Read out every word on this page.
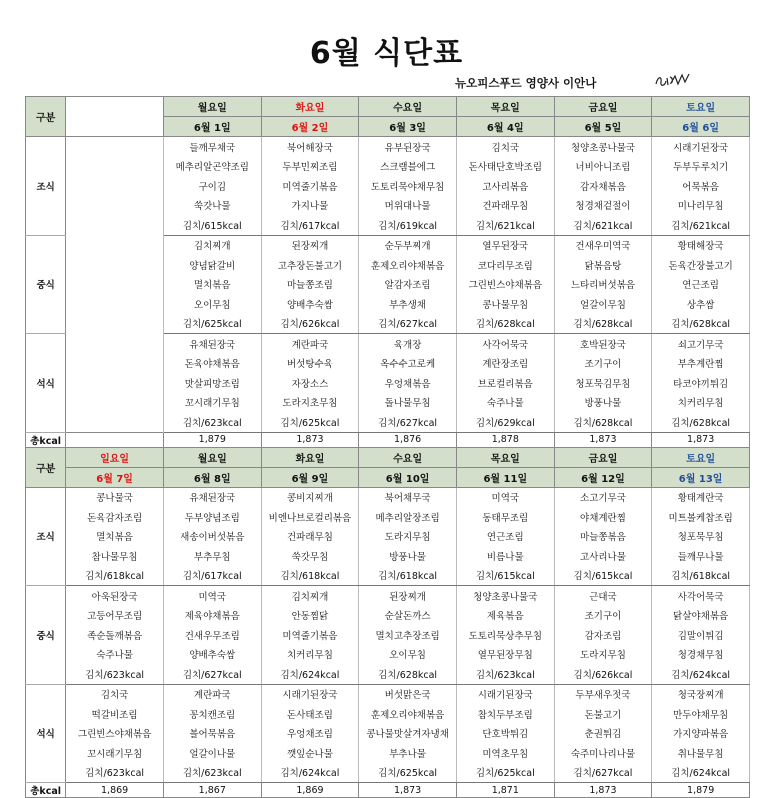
6월 식단표
뉴오피스푸드 영양사 이안나
구분		월요일	화요일	수요일	목요일	금요일	토요일
		6월 1일	6월 2일	6월 3일	6월 4일	6월 5일	6월 6일
조식		들깨무채국	북어해장국	유부된장국	김치국	청양초콩나물국	시래기된장국
		메추리알곤약조림	두부민찌조림	스크램블에그	돈사태단호박조림	너비아니조림	두부두루치기
		구이김	미역줄기볶음	도토리묵야채무침	고사리볶음	감자채볶음	어묵볶음
		쑥갓나물	가지나물	머위대나물	건파래무침	청경채겉절이	미나리무침
		김치/615kcal	김치/617kcal	김치/619kcal	김치/621kcal	김치/621kcal	김치/621kcal
중식		김치찌개	된장찌개	순두부찌개	열무된장국	건새우미역국	황태해장국
		양념닭갈비	고추장돈불고기	훈제오리야채볶음	코다리무조림	닭볶음탕	돈육간장불고기
		멸치볶음	마늘쫑조림	알감자조림	그린빈스야채볶음	느타리버섯볶음	연근조림
		오이무침	양배추숙쌈	부추생채	콩나물무침	얼갈이무침	상추쌈
		김치/625kcal	김치/626kcal	김치/627kcal	김치/628kcal	김치/628kcal	김치/628kcal
석식		유채된장국	계란파국	육개장	사각어묵국	호박된장국	쇠고기무국
		돈육야채볶음	버섯탕수육	옥수수고로케	계란장조림	조기구이	부추계란찜
		맛살피망조림	자장소스	우엉채볶음	브로컬리볶음	청포묵김무침	타코야끼튀김
		꼬시래기무침	도라지초무침	돌나물무침	숙주나물	방풍나물	치커리무침
		김치/623kcal	김치/625kcal	김치/627kcal	김치/629kcal	김치/628kcal	김치/628kcal
총kcal		1,879	1,873	1,876	1,878	1,873	1,873
구분	일요일	월요일	화요일	수요일	목요일	금요일	토요일
	6월 7일	6월 8일	6월 9일	6월 10일	6월 11일	6월 12일	6월 13일
조식	콩나물국	유채된장국	콩비지찌개	북어채무국	미역국	소고기무국	황태계란국
	돈육감자조림	두부양념조림	비엔나브로컬리볶음	메추리알장조림	동태무조림	야채계란찜	미트볼케찹조림
	멸치볶음	새송이버섯볶음	건파래무침	도라지무침	연근조림	마늘쫑볶음	청포묵무침
	참나물무침	부추무침	쑥갓무침	방풍나물	비름나물	고사리나물	들깨무나물
	김치/618kcal	김치/617kcal	김치/618kcal	김치/618kcal	김치/615kcal	김치/615kcal	김치/618kcal
중식	아욱된장국	미역국	김치찌개	된장찌개	청양초콩나물국	근대국	사각어묵국
	고등어무조림	제육야채볶음	안동찜닭	순살돈까스	제육볶음	조기구이	닭살야채볶음
	족순돌깨볶음	건새우무조림	미역줄기볶음	멸치고추장조림	도토리묵상추무침	감자조림	김말이튀김
	숙주나물	양배추숙쌈	치커리무침	오이무침	열무된장무침	도라지무침	청경채무침
	김치/623kcal	김치/627kcal	김치/624kcal	김치/628kcal	김치/623kcal	김치/626kcal	김치/624kcal
석식	김치국	계란파국	시래기된장국	버섯맑은국	시래기된장국	두부새우젓국	청국장찌개
	떡갈비조림	꽁치캔조림	돈사태조림	훈제오리야채볶음	참치두부조림	돈불고기	만두야채무침
	그린빈스야채볶음	볼어묵볶음	우엉채조림	콩나물맛살겨자냉채	단호박튀김	춘권튀김	가지양파볶음
	꼬시래기무침	얼갈이나물	깻잎순나물	부추나물	미역초무침	숙주미나리나물	취나물무침
	김치/623kcal	김치/623kcal	김치/624kcal	김치/625kcal	김치/625kcal	김치/627kcal	김치/624kcal
총kcal	1,869	1,867	1,869	1,873	1,871	1,873	1,879
